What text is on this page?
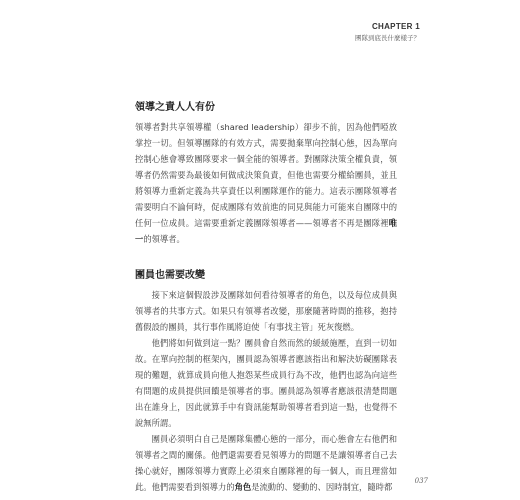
CHAPTER 1
團隊到底長什麼樣子？
領導之責人人有份

領導者對共享領導權（shared leadership）卻步不前，因為他們啞放掌控一切。但領導團隊的有效方式，需要拋棄單向控制心態，因為單向控制心態會導致團隊要求一個全能的領導者。對團隊決策全權負責，領導者仍然需要為最後如何做成決策負責，但他也需要分權給團員，並且將領導力重新定義為共享責任以利團隊運作的能力。這表示團隊領導者需要明白不論何時，促成團隊有效前進的同見與能力可能來自團隊中的任何一位成員。這需要重新定義團隊領導者——領導者不再是團隊裡唯一的領導者。

團員也需要改變

接下來這個假設涉及團隊如何看待領導者的角色，以及每位成員與領導者的共事方式。如果只有領導者改變，那麼隨著時間的推移，抱持舊假設的團員，其行事作風將迫使「有事找主管」死灰復燃。

他們將如何做到這一點？團員會自然而然的緩緩施壓，直到一切如故。在單向控制的框架內，團員認為領導者應該指出和解決妨礙團隊表現的難題，就算成員向他人抱怨某些成員行為不改，他們也認為向這些有問題的成員提供回饋是領導者的事。團員認為領導者應該很清楚問題出在誰身上，因此就算手中有資訊能幫助領導者看到這一點，也覺得不說無所謂。

團員必須明白自己是團隊集體心態的一部分，而心態會左右他們和領導者之間的關係。他們還需要看見領導力的問題不是讓領導者自己去操心就好，團隊領導力實際上必須來自團隊裡的每一個人，而且理當如此。他們需要看到領導力的角色是流動的、變動的、因時制宜，隨時都

037
